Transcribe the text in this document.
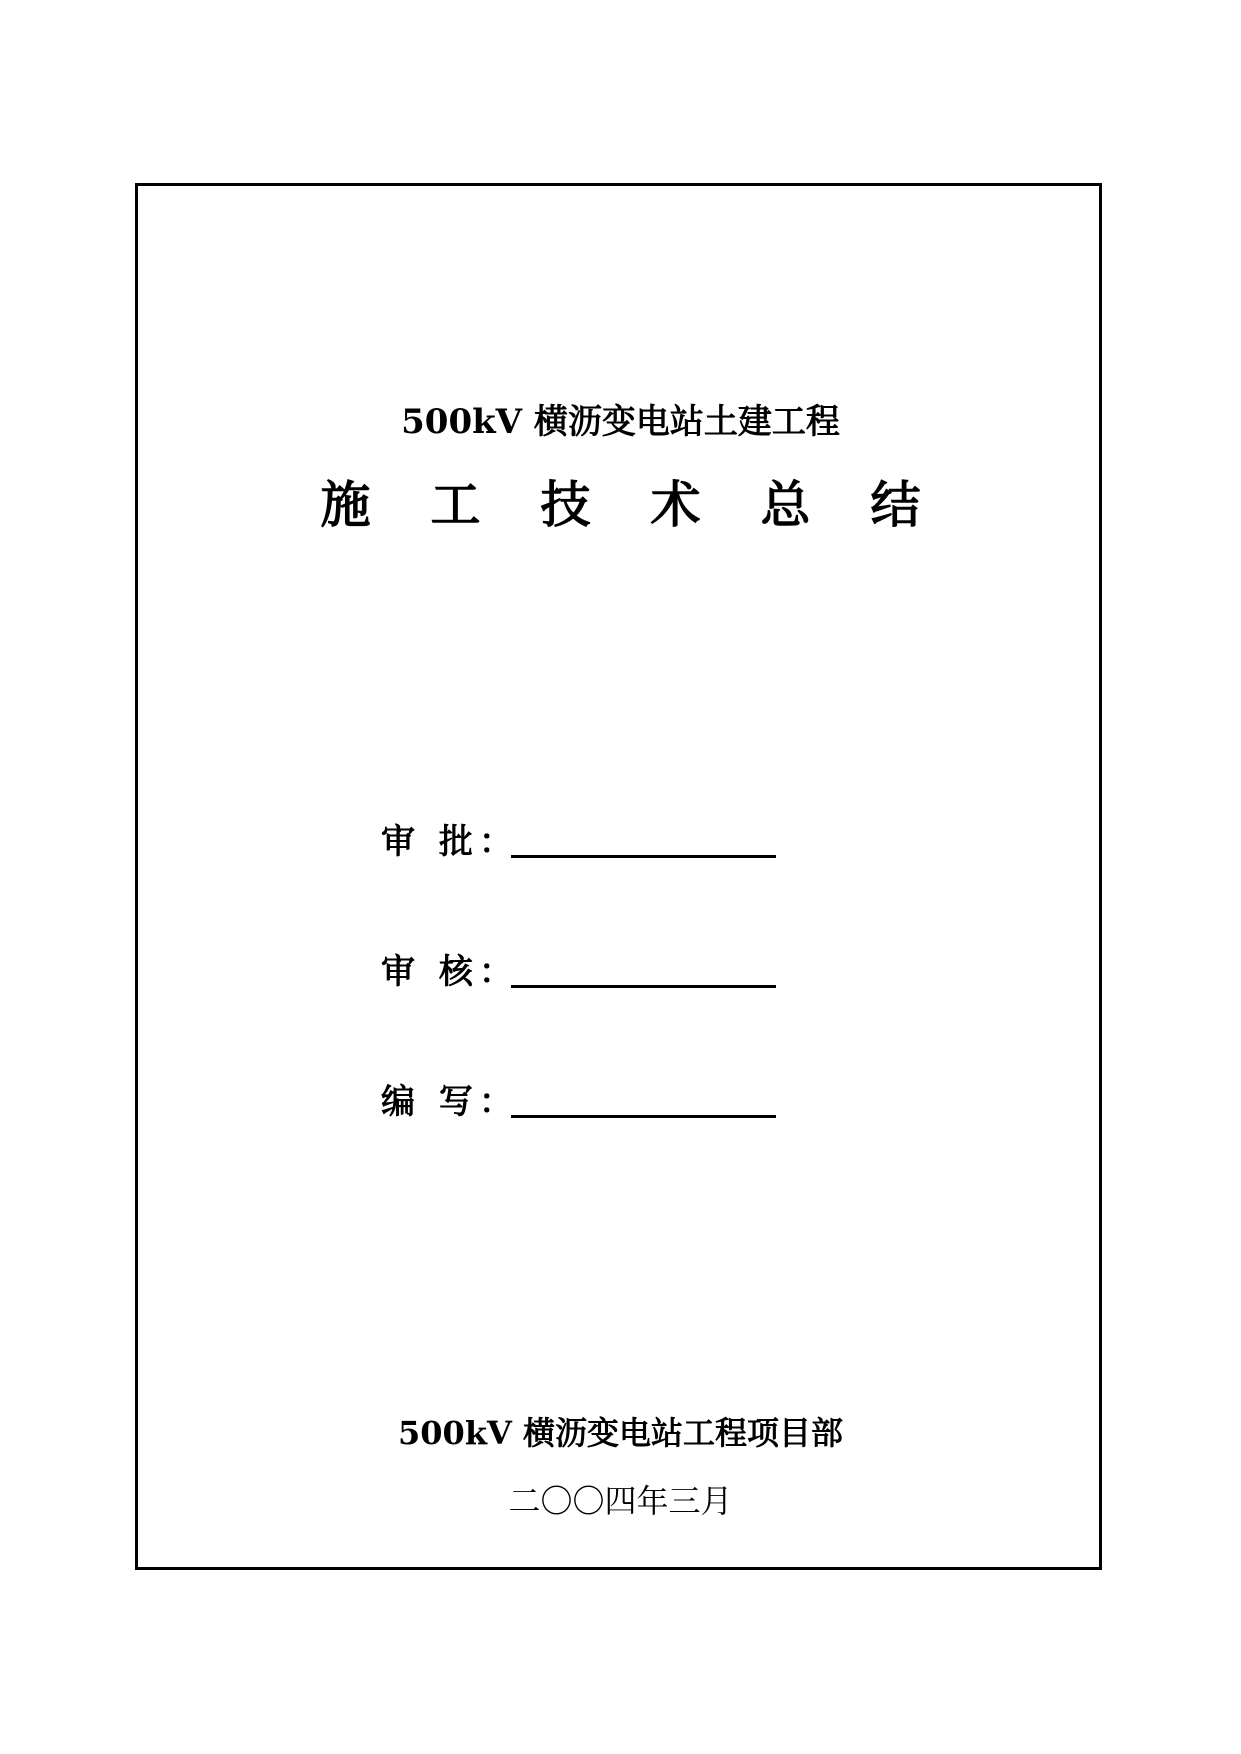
500kV 横沥变电站土建工程
施 工 技 术 总 结
审 批：
审 核：
编 写：
500kV 横沥变电站工程项目部
二〇〇四年三月
